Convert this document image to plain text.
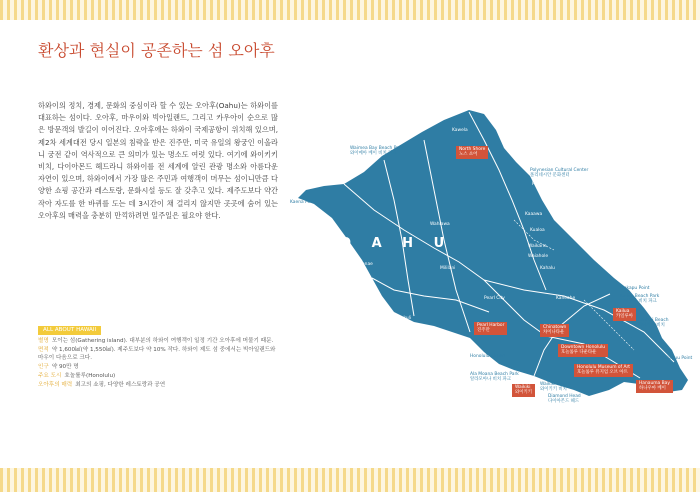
환상과 현실이 공존하는 섬 오아후
하와이의 정치, 경제, 문화의 중심이라 할 수 있는 오아후(Oahu)는 하와이를 대표하는 섬이다. 오아후, 마우이와 빅아일랜드, 그리고 카우아이 순으로 많은 방문객의 발길이 이어진다. 오아후에는 하와이 국제공항이 위치해 있으며, 제2차 세계대전 당시 일본의 침략을 받은 진주만, 미국 유일의 왕궁인 이올라니 궁전 같이 역사적으로 큰 의미가 있는 명소도 여럿 있다. 여기에 와이키키 비치, 다이아몬드 헤드라니 하와이를 전 세계에 알린 관광 명소와 아름다운 자연이 있으며, 하와이에서 가장 많은 주민과 여행객이 머무는 섬이니만큼 다양한 쇼핑 공간과 레스토랑, 문화시설 등도 잘 갖추고 있다. 제주도보다 약간 작아 자도를 한 바퀴를 도는 데 3시간이 채 걸리지 않지만 곳곳에 숨어 있는 오아후의 매력을 충분히 만끽하려면 일주일은 필요야 한다.
ALL ABOUT HAWAII
별명 모이는 섬(Gathering island). 대부분의 하와이 여행객이 일정 기간 오아후에 머물기 때문.
면적 약 1,600㎢(약 1,550㎢). 제주도보다 약 10% 작다. 하와이 제도 섬 중에서는 빅아일랜드와 마우이 다음으로 크다.
인구 약 90만 명
주요 도시 호놀룰루(Honolulu)
오아후의 매력 최고의 쇼핑, 다양한 레스토랑과 공연
O A H U
Kahuku Point
Kawela
Kahuku
Waimea Bay Beach Park
와이메아 베이 비치 파크
Laie
Polynesian Cultural Center
폴리네시안 문화센터
Punaluu
Kaena Point
Wahiawa
Kaaawa
Kualoa
Waikane
Waiahole
Kahalu
Waianae
Makaha
Mililani
Pearl City	Kaneohe
Mokapu Point
Kailua Beach Park
카일루아 비치 파크
Lanikai Beach
라니카이 비치
Polokai
Maili
Nanakuli
Makakilo
Honolulu Airport
Ala Moana Beach Park
알라모아나 비치 파크
Waikiki Beach
와이키키 비치
Diamond Head
다이아몬드 헤드
Makapuu Point
North Shore
노스 쇼어
Pearl Harbor
진주만
Chinatown
차이나타운
Downtown Honolulu
호놀룰루 다운타운
Honolulu Museum of Art
호놀룰루 뮤지엄 오브 아트
Kailua
카일루아
Hanauma Bay
하나우마 베이
Waikiki
와이키키
